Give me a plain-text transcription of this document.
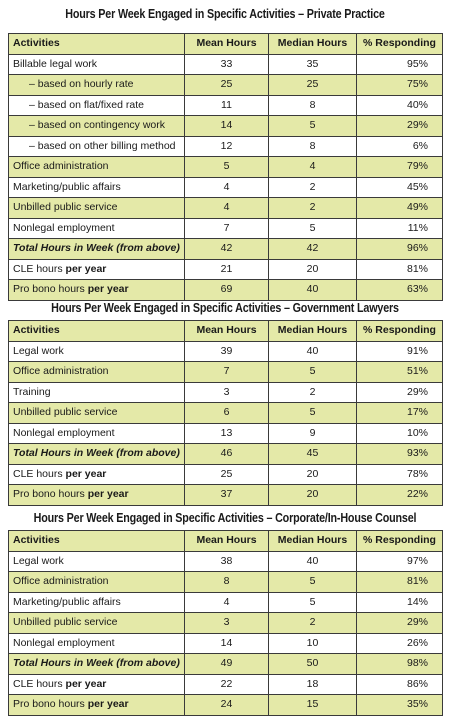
Hours Per Week Engaged in Specific Activities – Private Practice
Activities	Mean Hours	Median Hours	% Responding
Billable legal work	33	35	95%
– based on hourly rate	25	25	75%
– based on flat/fixed rate	11	8	40%
– based on contingency work	14	5	29%
– based on other billing method	12	8	6%
Office administration	5	4	79%
Marketing/public affairs	4	2	45%
Unbilled public service	4	2	49%
Nonlegal employment	7	5	11%
Total Hours in Week (from above)	42	42	96%
CLE hours per year	21	20	81%
Pro bono hours per year	69	40	63%
Hours Per Week Engaged in Specific Activities – Government Lawyers
Activities	Mean Hours	Median Hours	% Responding
Legal work	39	40	91%
Office administration	7	5	51%
Training	3	2	29%
Unbilled public service	6	5	17%
Nonlegal employment	13	9	10%
Total Hours in Week (from above)	46	45	93%
CLE hours per year	25	20	78%
Pro bono hours per year	37	20	22%
Hours Per Week Engaged in Specific Activities – Corporate/In-House Counsel
Activities	Mean Hours	Median Hours	% Responding
Legal work	38	40	97%
Office administration	8	5	81%
Marketing/public affairs	4	5	14%
Unbilled public service	3	2	29%
Nonlegal employment	14	10	26%
Total Hours in Week (from above)	49	50	98%
CLE hours per year	22	18	86%
Pro bono hours per year	24	15	35%
